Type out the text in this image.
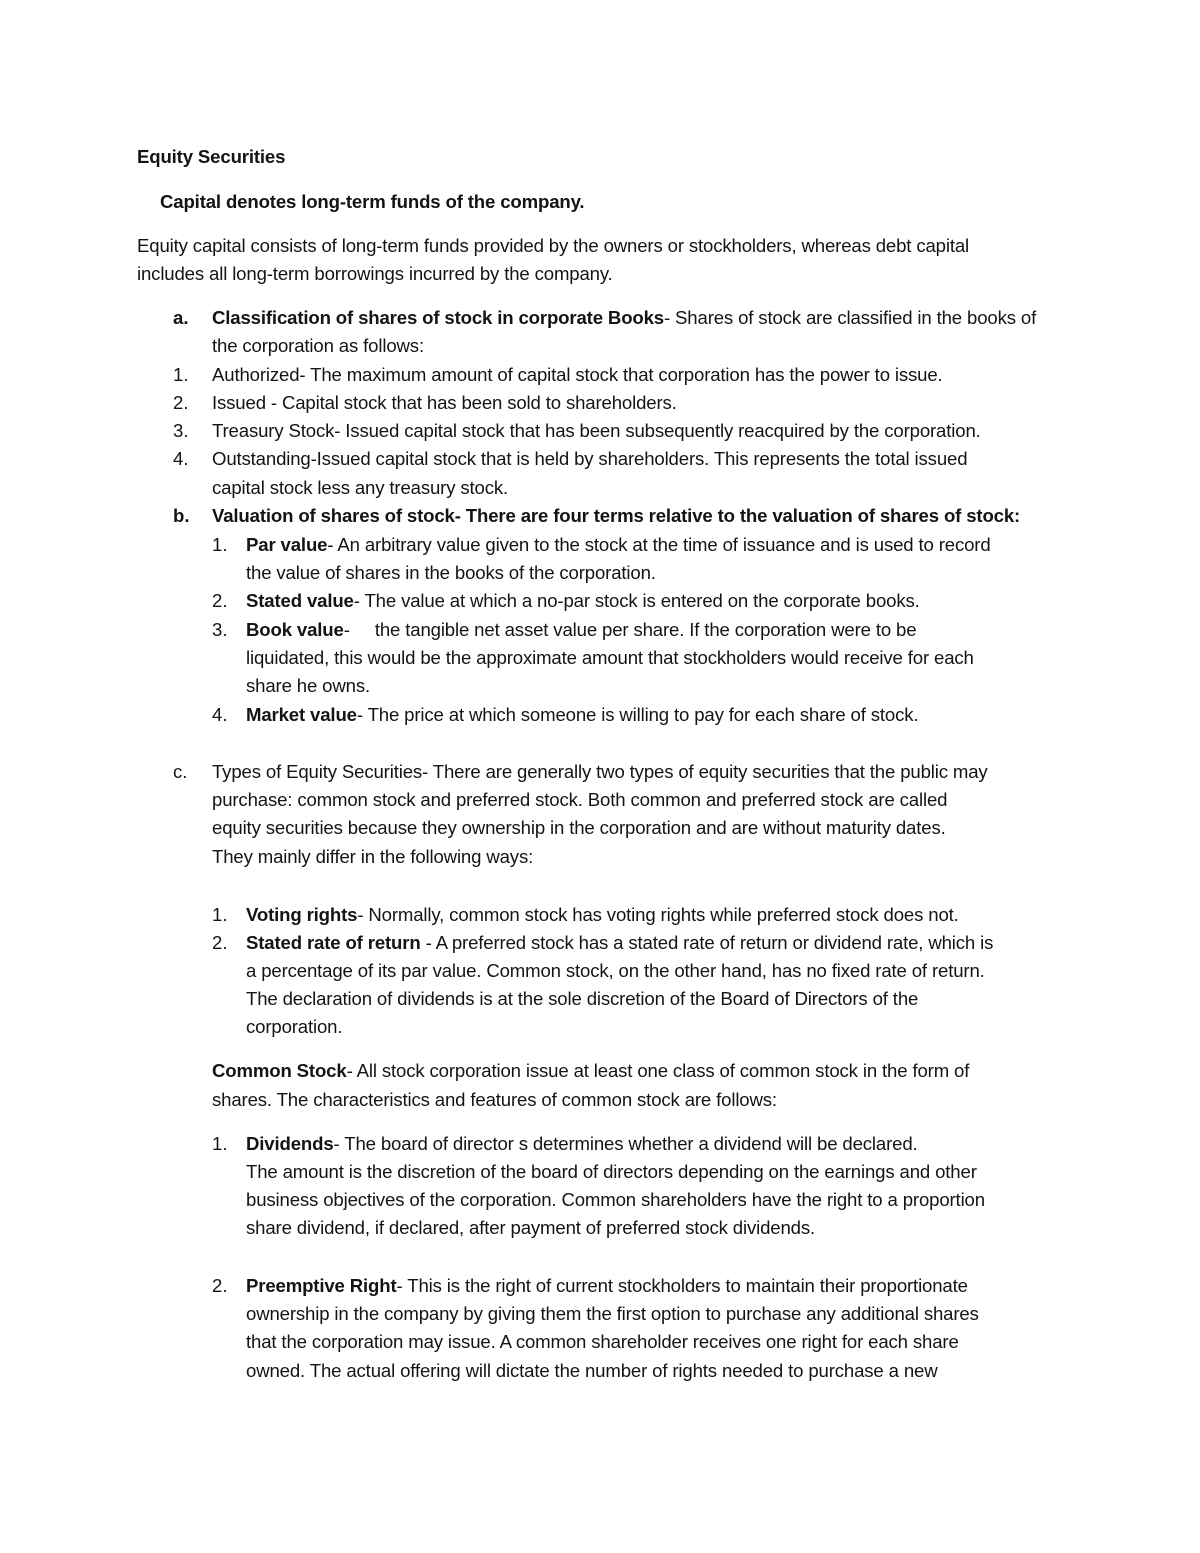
Equity Securities
Capital denotes long-term funds of the company.
Equity capital consists of long-term funds provided by the owners or stockholders, whereas debt capital
includes all long-term borrowings incurred by the company.
a. Classification of shares of stock in corporate Books- Shares of stock are classified in the books of
the corporation as follows:
1. Authorized- The maximum amount of capital stock that corporation has the power to issue.
2. Issued - Capital stock that has been sold to shareholders.
3. Treasury Stock- Issued capital stock that has been subsequently reacquired by the corporation.
4. Outstanding-Issued capital stock that is held by shareholders. This represents the total issued
capital stock less any treasury stock.
b. Valuation of shares of stock- There are four terms relative to the valuation of shares of stock:
1. Par value- An arbitrary value given to the stock at the time of issuance and is used to record
the value of shares in the books of the corporation.
2. Stated value- The value at which a no-par stock is entered on the corporate books.
3. Book value-     the tangible net asset value per share. If the corporation were to be
liquidated, this would be the approximate amount that stockholders would receive for each
share he owns.
4. Market value- The price at which someone is willing to pay for each share of stock.
c. Types of Equity Securities- There are generally two types of equity securities that the public may
purchase: common stock and preferred stock. Both common and preferred stock are called
equity securities because they ownership in the corporation and are without maturity dates.
They mainly differ in the following ways:
1. Voting rights- Normally, common stock has voting rights while preferred stock does not.
2. Stated rate of return - A preferred stock has a stated rate of return or dividend rate, which is
a percentage of its par value. Common stock, on the other hand, has no fixed rate of return.
The declaration of dividends is at the sole discretion of the Board of Directors of the
corporation.
Common Stock- All stock corporation issue at least one class of common stock in the form of
shares. The characteristics and features of common stock are follows:
1. Dividends- The board of director s determines whether a dividend will be declared.
The amount is the discretion of the board of directors depending on the earnings and other
business objectives of the corporation. Common shareholders have the right to a proportion
share dividend, if declared, after payment of preferred stock dividends.
2. Preemptive Right- This is the right of current stockholders to maintain their proportionate
ownership in the company by giving them the first option to purchase any additional shares
that the corporation may issue. A common shareholder receives one right for each share
owned. The actual offering will dictate the number of rights needed to purchase a new
